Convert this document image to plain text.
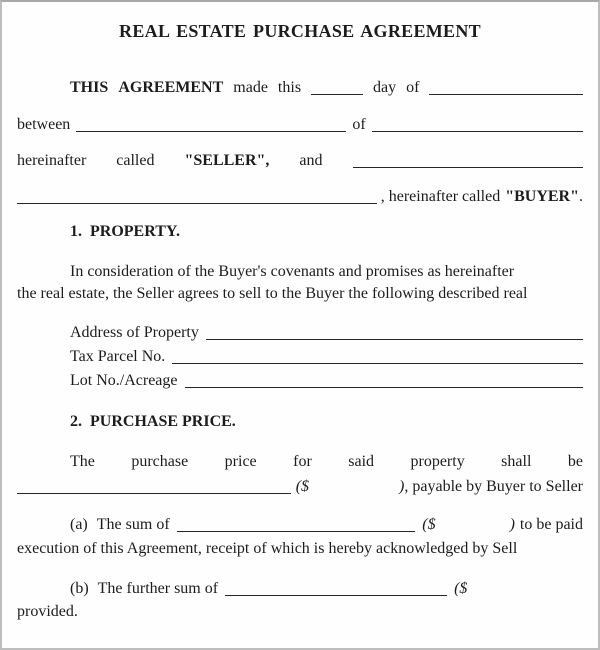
REAL ESTATE PURCHASE AGREEMENT
THIS AGREEMENT made this	day of
between	of
hereinafter called "SELLER", and
, hereinafter called "BUYER" .
1. PROPERTY.
In consideration of the Buyer's covenants and promises as hereinafter
the real estate, the Seller agrees to sell to the Buyer the following described real
Address of Property
Tax Parcel No.
Lot No./Acreage
2. PURCHASE PRICE.
The purchase price for said property shall be
($	) , payable by Buyer to Seller
(a) The sum of	($	) to be paid
execution of this Agreement, receipt of which is hereby acknowledged by Sell
(b) The further sum of	($
provided.
